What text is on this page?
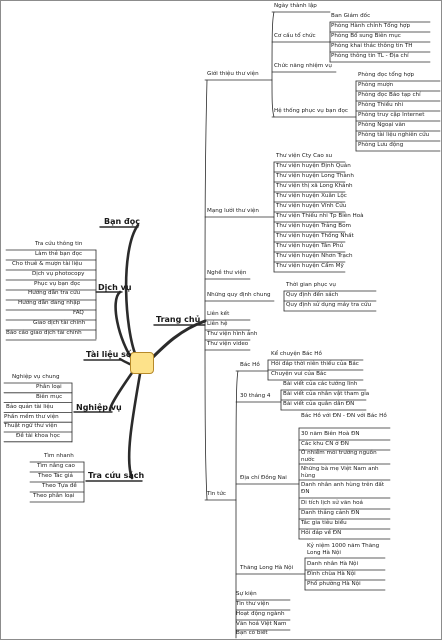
Trang chủ
Bạn đọc
Dịch vụ
Tài liệu số
Nghiệp vụ
Tra cứu sách
Giới thiệu thư viện
Ngày thành lập
Cơ cấu tổ chức
Ban Giám đốc
Phòng Hành chính Tổng hợp
Phòng Bổ sung Biên mục
Phòng khai thác thông tin TH
Phòng thông tin TL - Địa chí
Chức năng nhiệm vụ
Hệ thống phục vụ bạn đọc
Phòng đọc tổng hợp
Phòng mượn
Phòng đọc Báo tạp chí
Phòng Thiếu nhi
Phòng truy cập Internet
Phòng Ngoại văn
Phòng tài liệu nghiên cứu
Phòng Lưu động
Mạng lưới thư viện
Thư viện Cty Cao su
Thư viện huyện Định Quán
Thư viện huyện Long Thành
Thư viện thị xã Long Khánh
Thư viện huyện Xuân Lộc
Thư viện huyện Vĩnh Cửu
Thư viện Thiếu nhi Tp Biên Hoà
Thư viện huyện Trảng Bom
Thư viện huyện Thống Nhất
Thư viện huyện Tân Phú
Thư viện huyện Nhơn Trạch
Thư viện huyện Cẩm Mỹ
Nghề thư viện
Những quy định chung
Thời gian phục vụ
Quy định đến sách
Quy định sử dụng máy tra cứu
Liên kết
Liên hệ
Thư viện hình ảnh
Thư viện video
Tin tức
Bác Hồ
Kể chuyện Bác Hồ
Hỏi đáp thời niên thiếu của Bác
Chuyện vui của Bác
30 tháng 4
Bài viết của các tướng lĩnh
Bài viết của nhân vật tham gia
Bài viết của quân dân ĐN
Địa chí Đồng Nai
Bác Hồ với ĐN - ĐN với Bác Hồ
30 năm Biên Hoà ĐN
Các khu CN ở ĐN
Ô nhiễm môi trường nguồn nước
Những bà mẹ Việt Nam anh hùng
Danh nhân anh hùng trên đất ĐN
Di tích lịch sử văn hoá
Danh thắng cảnh ĐN
Tác gia tiêu biểu
Hỏi đáp về ĐN
Thăng Long Hà Nội
Kỷ niệm 1000 năm Thăng Long Hà Nội
Danh nhân Hà Nội
Đình chùa Hà Nội
Phố phường Hà Nội
Sự kiện
Tin thư viện
Hoạt động ngành
Văn hoá Việt Nam
Bạn có biết
Tra cứu thông tin
Làm thẻ bạn đọc
Cho thuê & mượn tài liệu
Dịch vụ photocopy
Phục vụ bạn đọc
Hướng dẫn tra cứu
Hướng dẫn đăng nhập
FAQ
Giao dịch tài chính
Báo cáo giao dịch tài chính
Nghiệp vụ chung
Phân loại
Biên mục
Bảo quản tài liệu
Phần mềm thư viện
Thuật ngữ thư viện
Đề tài khoa học
Tìm nhanh
Tìm nâng cao
Theo Tác giả
Theo Tựa đề
Theo phân loại
